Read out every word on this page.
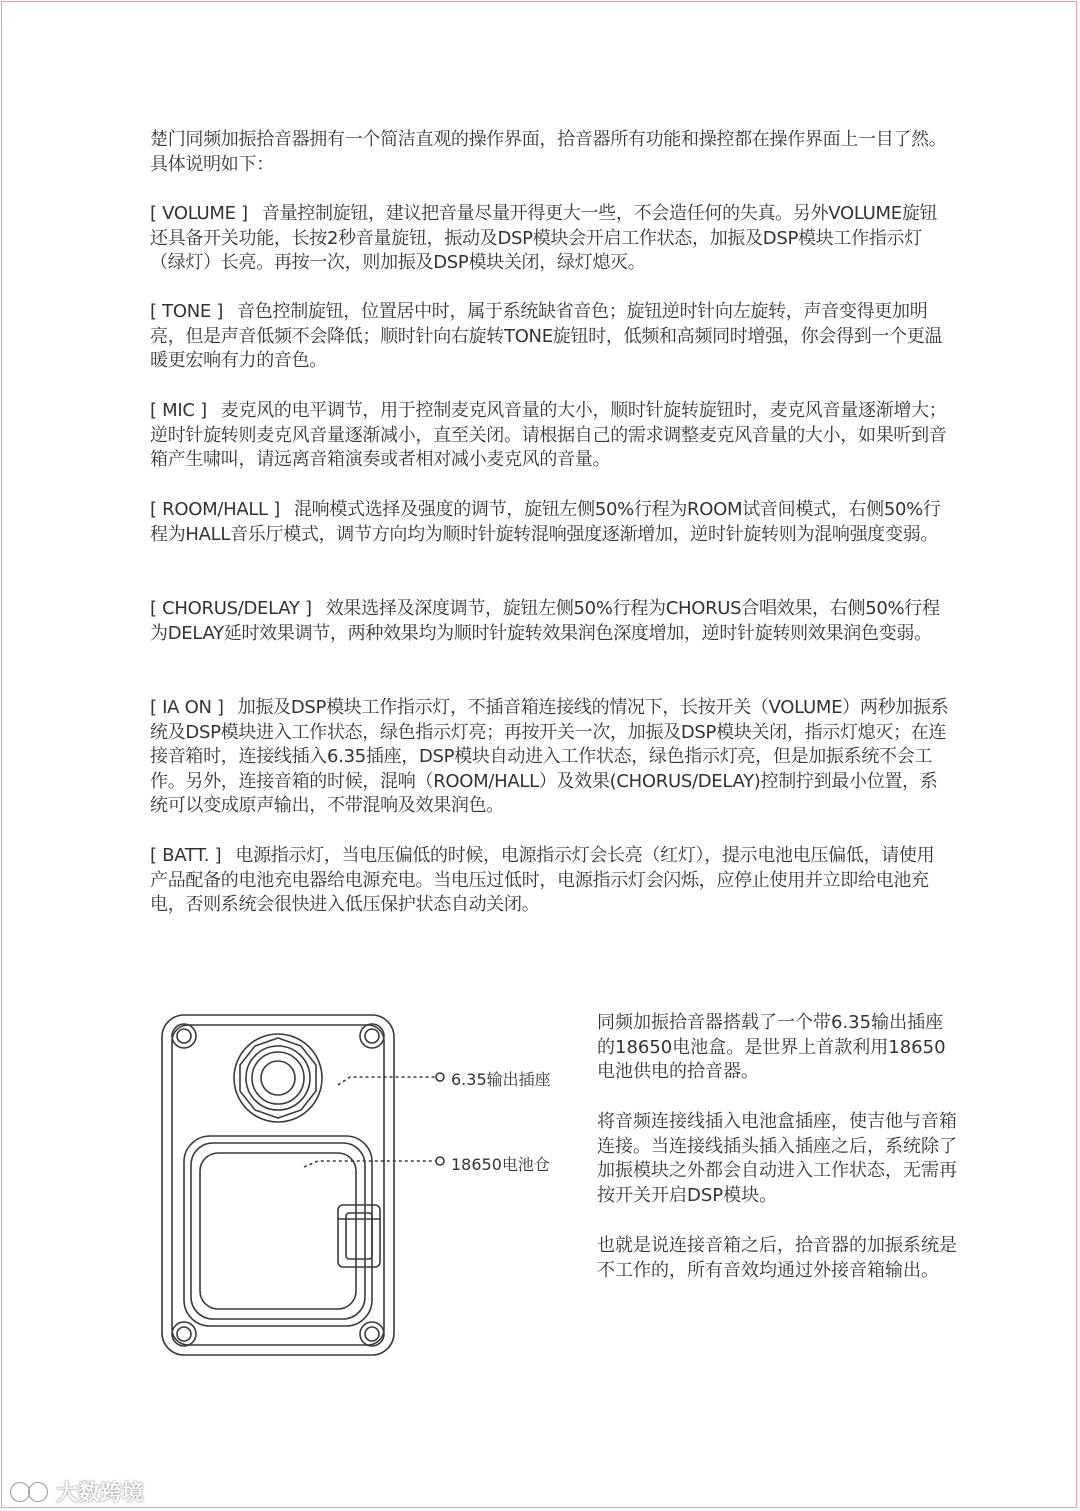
楚门同频加振拾音器拥有一个简洁直观的操作界面，拾音器所有功能和操控都在操作界面上一目了然。具体说明如下：

[ VOLUME ] 音量控制旋钮，建议把音量尽量开得更大一些，不会造任何的失真。另外VOLUME旋钮还具备开关功能，长按2秒音量旋钮，振动及DSP模块会开启工作状态，加振及DSP模块工作指示灯（绿灯）长亮。再按一次，则加振及DSP模块关闭，绿灯熄灭。

[ TONE ] 音色控制旋钮，位置居中时，属于系统缺省音色；旋钮逆时针向左旋转，声音变得更加明亮，但是声音低频不会降低；顺时针向右旋转TONE旋钮时，低频和高频同时增强，你会得到一个更温暖更宏响有力的音色。

[ MIC ] 麦克风的电平调节，用于控制麦克风音量的大小，顺时针旋转旋钮时，麦克风音量逐渐增大；逆时针旋转则麦克风音量逐渐减小，直至关闭。请根据自己的需求调整麦克风音量的大小，如果听到音箱产生啸叫，请远离音箱演奏或者相对减小麦克风的音量。

[ ROOM/HALL ] 混响模式选择及强度的调节，旋钮左侧50%行程为ROOM试音间模式，右侧50%行程为HALL音乐厅模式，调节方向均为顺时针旋转混响强度逐渐增加，逆时针旋转则为混响强度变弱。

[ CHORUS/DELAY ] 效果选择及深度调节，旋钮左侧50%行程为CHORUS合唱效果，右侧50%行程为DELAY延时效果调节，两种效果均为顺时针旋转效果润色深度增加，逆时针旋转则效果润色变弱。

[ IA ON ] 加振及DSP模块工作指示灯，不插音箱连接线的情况下，长按开关（VOLUME）两秒加振系统及DSP模块进入工作状态，绿色指示灯亮；再按开关一次，加振及DSP模块关闭，指示灯熄灭；在连接音箱时，连接线插入6.35插座，DSP模块自动进入工作状态，绿色指示灯亮，但是加振系统不会工作。另外，连接音箱的时候，混响（ROOM/HALL）及效果(CHORUS/DELAY)控制拧到最小位置，系统可以变成原声输出，不带混响及效果润色。

[ BATT. ] 电源指示灯，当电压偏低的时候，电源指示灯会长亮（红灯），提示电池电压偏低，请使用产品配备的电池充电器给电源充电。当电压过低时，电源指示灯会闪烁，应停止使用并立即给电池充电，否则系统会很快进入低压保护状态自动关闭。

6.35输出插座
18650电池仓

同频加振拾音器搭载了一个带6.35输出插座的18650电池盒。是世界上首款利用18650电池供电的拾音器。

将音频连接线插入电池盒插座，使吉他与音箱连接。当连接线插头插入插座之后，系统除了加振模块之外都会自动进入工作状态，无需再按开关开启DSP模块。

也就是说连接音箱之后，拾音器的加振系统是不工作的，所有音效均通过外接音箱输出。

大数跨境
